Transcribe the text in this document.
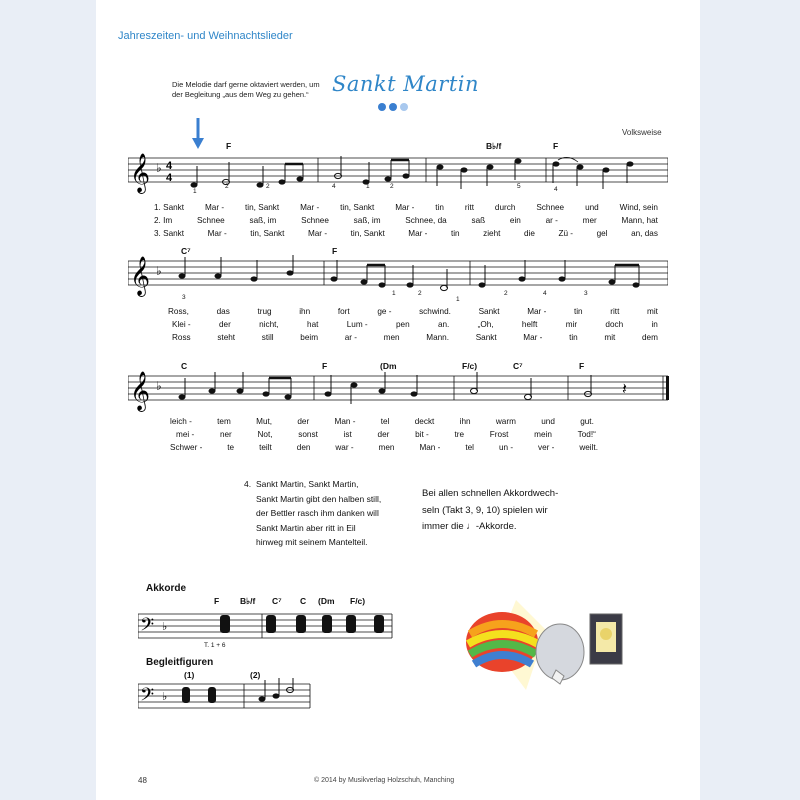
Jahreszeiten- und Weihnachtslieder
Sankt Martin
Die Melodie darf gerne oktaviert werden, um der Begleitung „aus dem Weg zu gehen.“
Volksweise
F	B♭/f	F
𝄞 ♭ 4
4
1
2	2	4	1	2	5	4
1. Sankt	Mar -	tin, Sankt	Mar -	tin, Sankt	Mar -	tin	ritt	durch	Schnee	und	Wind, sein
2. Im	Schnee	saß, im	Schnee	saß, im	Schnee, da	saß	ein	ar -	mer	Mann, hat
3. Sankt	Mar -	tin, Sankt	Mar -	tin, Sankt	Mar -	tin	zieht	die	Zü -	gel	an, das
C⁷	F
𝄞 ♭
3
1	2
1
2	4	3
Ross,	das	trug	ihn	fort	ge -	schwind.	Sankt	Mar -	tin	ritt	mit
Klei -	der	nicht,	hat	Lum -	pen	an.	„Oh,	helft	mir	doch	in
Ross	steht	still	beim	ar -	men	Mann.	Sankt	Mar -	tin	mit	dem
C	F	(Dm	F/c)	C⁷	F
𝄞 ♭	𝄽
leich -	tem	Mut,	der	Man -	tel	deckt	ihn	warm	und	gut.
mei -	ner	Not,	sonst	ist	der	bit -	tre	Frost	mein	Tod!“
Schwer -	te	teilt	den	war -	men	Man -	tel	un -	ver -	weilt.
4. Sankt Martin, Sankt Martin,
Sankt Martin gibt den halben still,
der Bettler rasch ihm danken will
Sankt Martin aber ritt in Eil
hinweg mit seinem Mantelteil.
Bei allen schnellen Akkordwech-
seln (Takt 3, 9, 10) spielen wir
immer die ♩-Akkorde.
Akkorde
F B♭/f C⁷ C (Dm F/c)
𝄢 ♭
T. 1 + 6
Begleitfiguren
(1)	(2)
𝄢 ♭
48	© 2014 by Musikverlag Holzschuh, Manching
